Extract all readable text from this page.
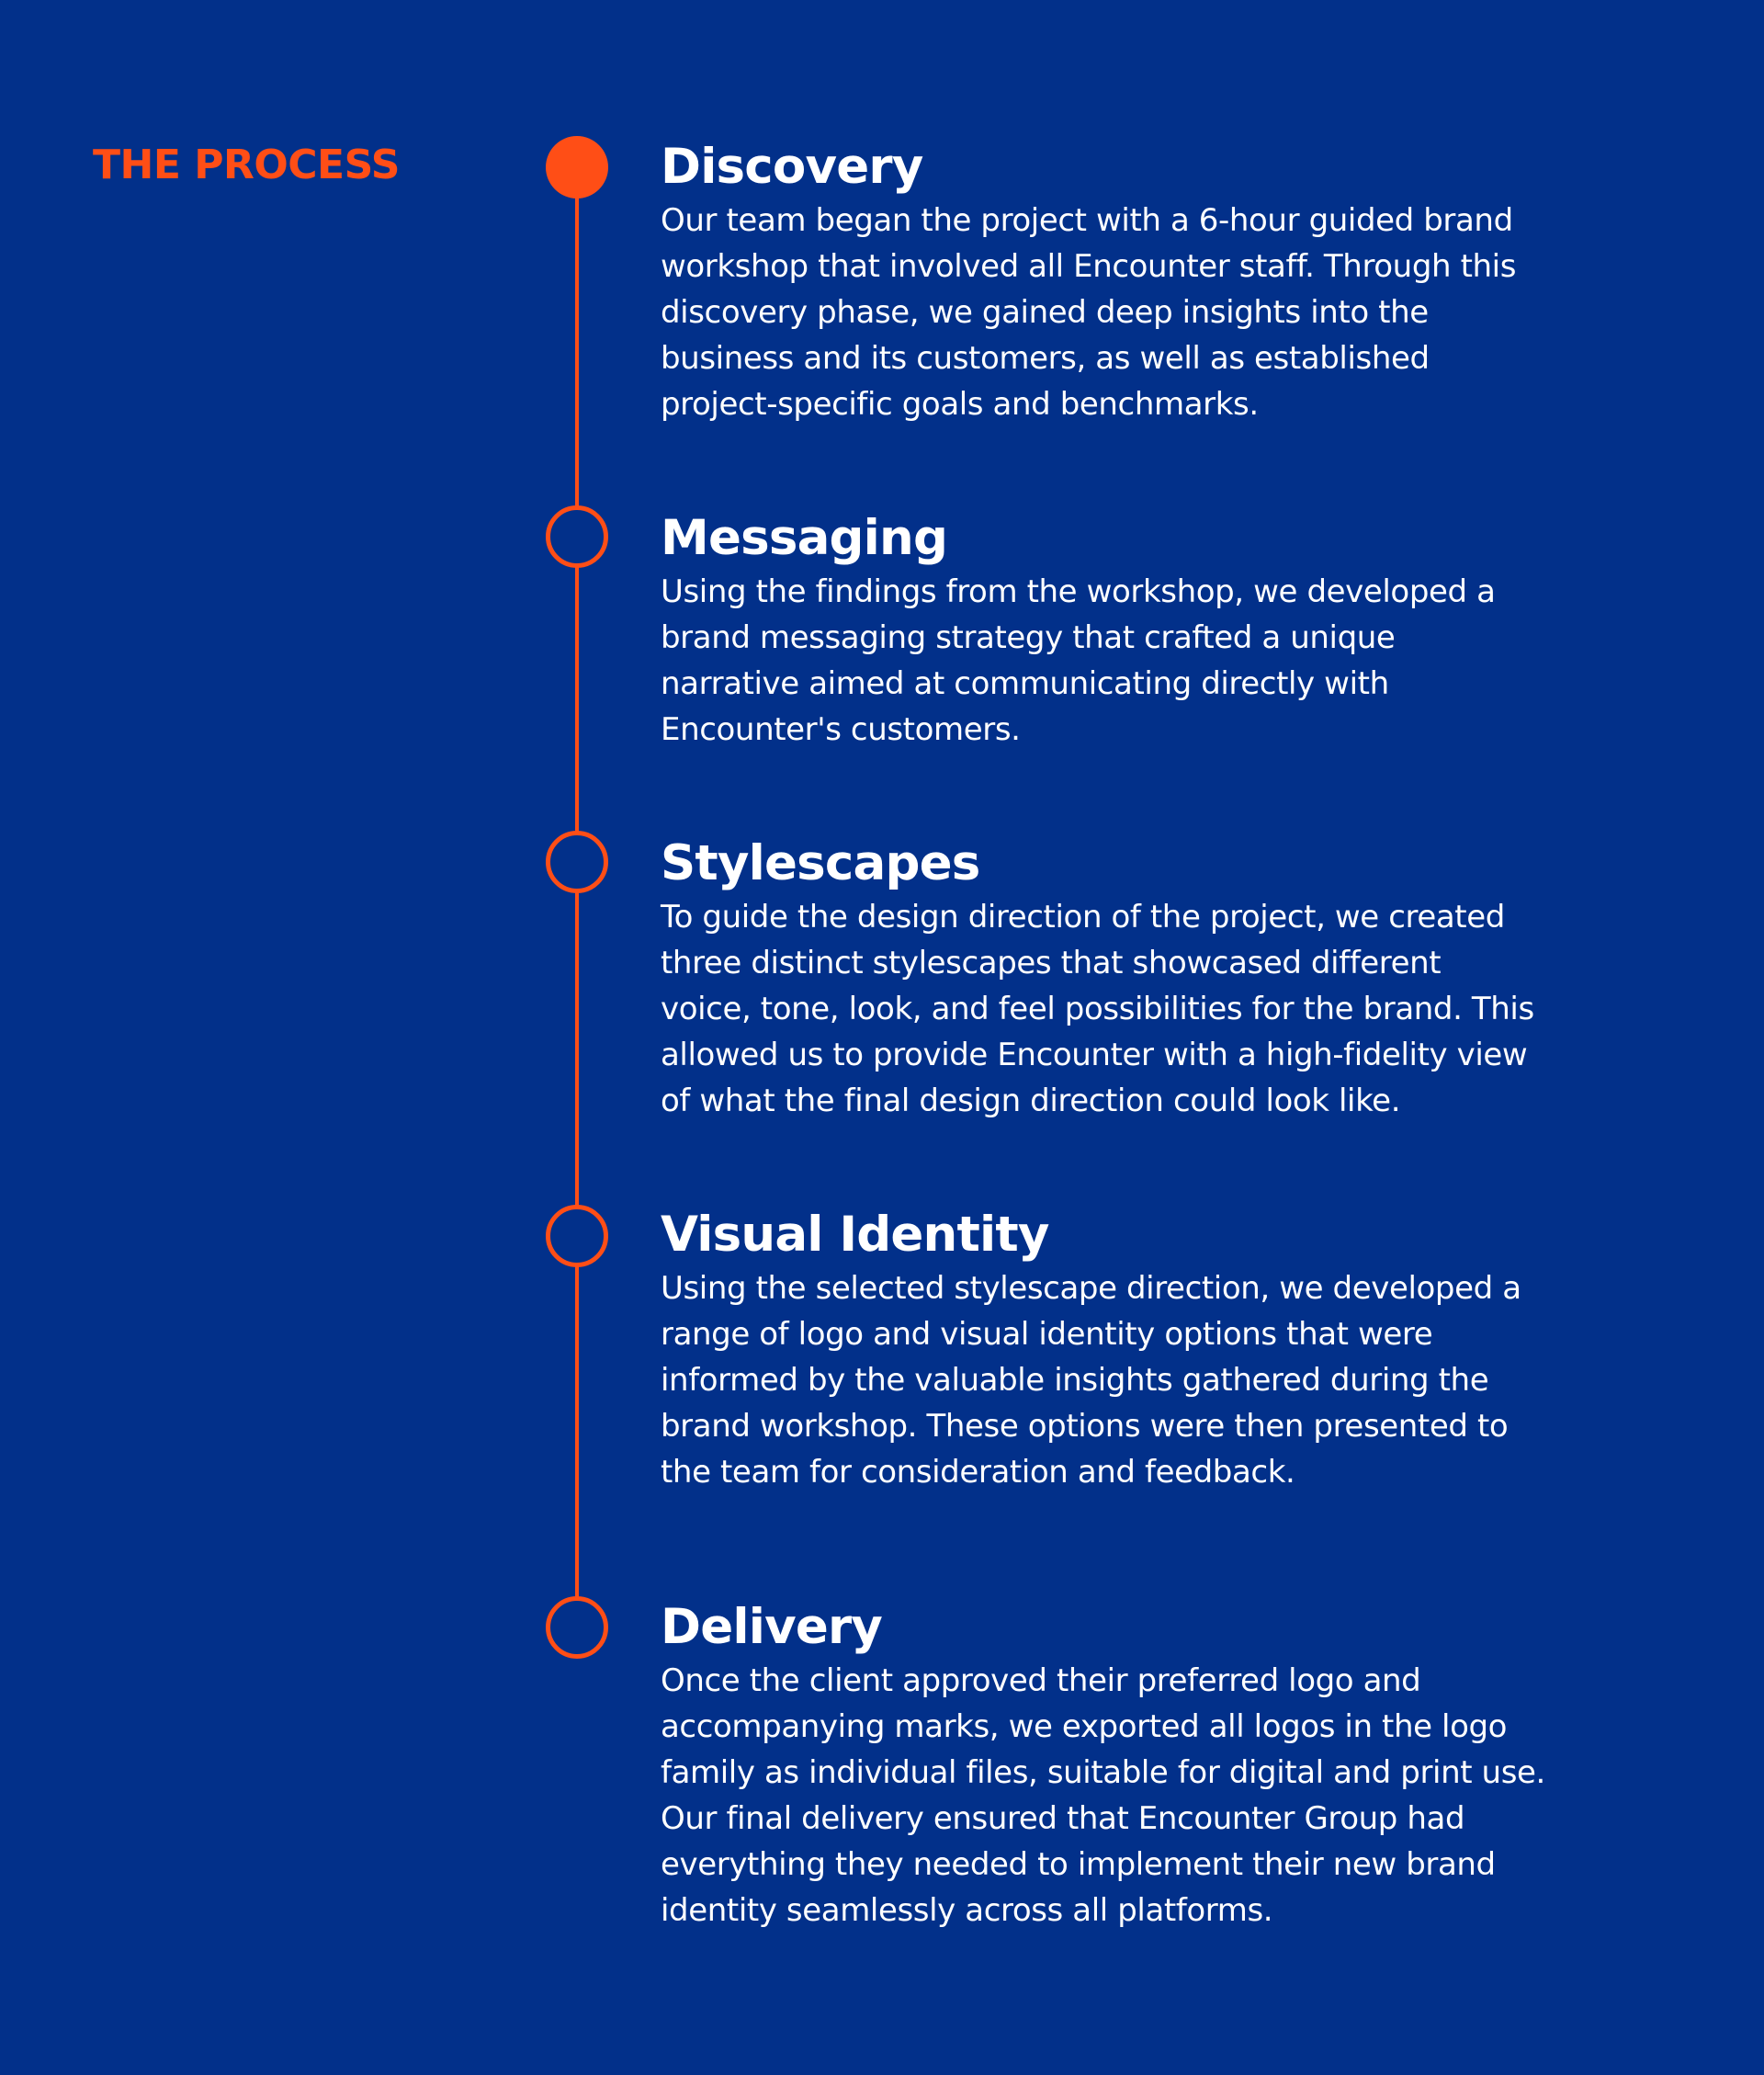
THE PROCESS	Discovery

Our team began the project with a 6-hour guided brand
workshop that involved all Encounter staff. Through this
discovery phase, we gained deep insights into the
business and its customers, as well as established
project-specific goals and benchmarks.

Messaging

Using the findings from the workshop, we developed a
brand messaging strategy that crafted a unique
narrative aimed at communicating directly with
Encounter's customers.

Stylescapes

To guide the design direction of the project, we created
three distinct stylescapes that showcased different
voice, tone, look, and feel possibilities for the brand. This
allowed us to provide Encounter with a high-fidelity view
of what the final design direction could look like.

Visual Identity

Using the selected stylescape direction, we developed a
range of logo and visual identity options that were
informed by the valuable insights gathered during the
brand workshop. These options were then presented to
the team for consideration and feedback.

Delivery

Once the client approved their preferred logo and
accompanying marks, we exported all logos in the logo
family as individual files, suitable for digital and print use.
Our final delivery ensured that Encounter Group had
everything they needed to implement their new brand
identity seamlessly across all platforms.
